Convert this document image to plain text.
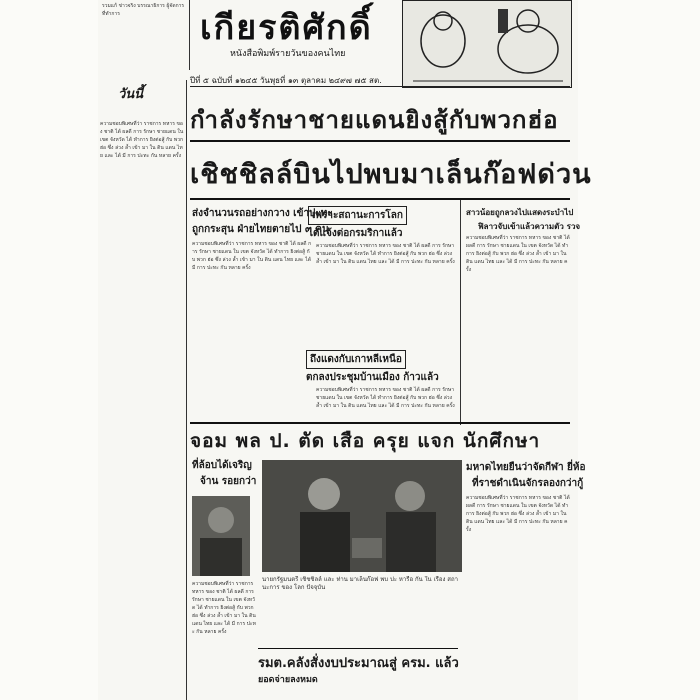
รวมแก้ ข่าวจริง บรรณาธิการ ผู้จัดการ ที่ทำการ	เกียรติศักดิ์
หนังสือพิมพ์รายวันของคนไทย
ปีที่ ๕ ฉบับที่ ๑๒๔๕ วันพุธที่ ๑๓ ตุลาคม ๒๔๙๗ ๗๕ สต.
วันนี้
กำลังรักษาชายแดนยิงสู้กับพวกฮ่อ
เชิชชิลล์บินไปพบมาเล็นก๊อฟด่วน
ความชอบพิเศษที่ว่า ราชการ ทหาร ของ ชาติ ได้ ผลดี การ รักษา ชายแดน ใน เขต จังหวัด ได้ ทำการ ยิงต่อสู้ กับ พวก ฮ่อ ซึ่ง ล่วง ล้ำ เข้า มา ใน ดิน แดน ไทย และ ได้ มี การ ปะทะ กัน หลาย ครั้ง
ส่งจำนวนรถอย่างกวาง เข้าปะทะ
ถูกกระสุน ฝ่ายไทยตายไป ๓ คน
ความชอบพิเศษที่ว่า ราชการ ทหาร ของ ชาติ ได้ ผลดี การ รักษา ชายแดน ใน เขต จังหวัด ได้ ทำการ ยิงต่อสู้ กับ พวก ฮ่อ ซึ่ง ล่วง ล้ำ เข้า มา ใน ดิน แดน ไทย และ ได้ มี การ ปะทะ กัน หลาย ครั้ง
เพราะสถานะการโลก
ได้แจ้งต่อกรมริกาแล้ว
ความชอบพิเศษที่ว่า ราชการ ทหาร ของ ชาติ ได้ ผลดี การ รักษา ชายแดน ใน เขต จังหวัด ได้ ทำการ ยิงต่อสู้ กับ พวก ฮ่อ ซึ่ง ล่วง ล้ำ เข้า มา ใน ดิน แดน ไทย และ ได้ มี การ ปะทะ กัน หลาย ครั้ง
ถึงแดงกับเกาหลีเหนือ
ตกลงประชุมบ้านเมือง ก้าวแล้ว
ความชอบพิเศษที่ว่า ราชการ ทหาร ของ ชาติ ได้ ผลดี การ รักษา ชายแดน ใน เขต จังหวัด ได้ ทำการ ยิงต่อสู้ กับ พวก ฮ่อ ซึ่ง ล่วง ล้ำ เข้า มา ใน ดิน แดน ไทย และ ได้ มี การ ปะทะ กัน หลาย ครั้ง
สาวน้อยถูกลวงไปแสดงระบำไป
ฟิลาวจับเข้าแล้วความตัว รวจ
ความชอบพิเศษที่ว่า ราชการ ทหาร ของ ชาติ ได้ ผลดี การ รักษา ชายแดน ใน เขต จังหวัด ได้ ทำการ ยิงต่อสู้ กับ พวก ฮ่อ ซึ่ง ล่วง ล้ำ เข้า มา ใน ดิน แดน ไทย และ ได้ มี การ ปะทะ กัน หลาย ครั้ง
จอม พล ป. ตัด เสือ ครุย แจก นักศึกษา
ที่ล้อบได้เจริญ
จ้าน รอยกว่า
ความชอบพิเศษที่ว่า ราชการ ทหาร ของ ชาติ ได้ ผลดี การ รักษา ชายแดน ใน เขต จังหวัด ได้ ทำการ ยิงต่อสู้ กับ พวก ฮ่อ ซึ่ง ล่วง ล้ำ เข้า มา ใน ดิน แดน ไทย และ ได้ มี การ ปะทะ กัน หลาย ครั้ง
นายกรัฐมนตรี เชิชชิลล์ และ ท่าน มาเล็นก๊อฟ พบ ปะ หารือ กัน ใน เรื่อง สถานะการ ของ โลก ปัจจุบัน
มหาดไทยยืนว่าจัดกีฬา ยี่ห้อ
ที่ราชดำเนินจักรลองกว่ากู้
ความชอบพิเศษที่ว่า ราชการ ทหาร ของ ชาติ ได้ ผลดี การ รักษา ชายแดน ใน เขต จังหวัด ได้ ทำการ ยิงต่อสู้ กับ พวก ฮ่อ ซึ่ง ล่วง ล้ำ เข้า มา ใน ดิน แดน ไทย และ ได้ มี การ ปะทะ กัน หลาย ครั้ง
รมต.คลังสั่งงบประมาณสู่ ครม. แล้ว
ยอดจ่ายลงหมด
